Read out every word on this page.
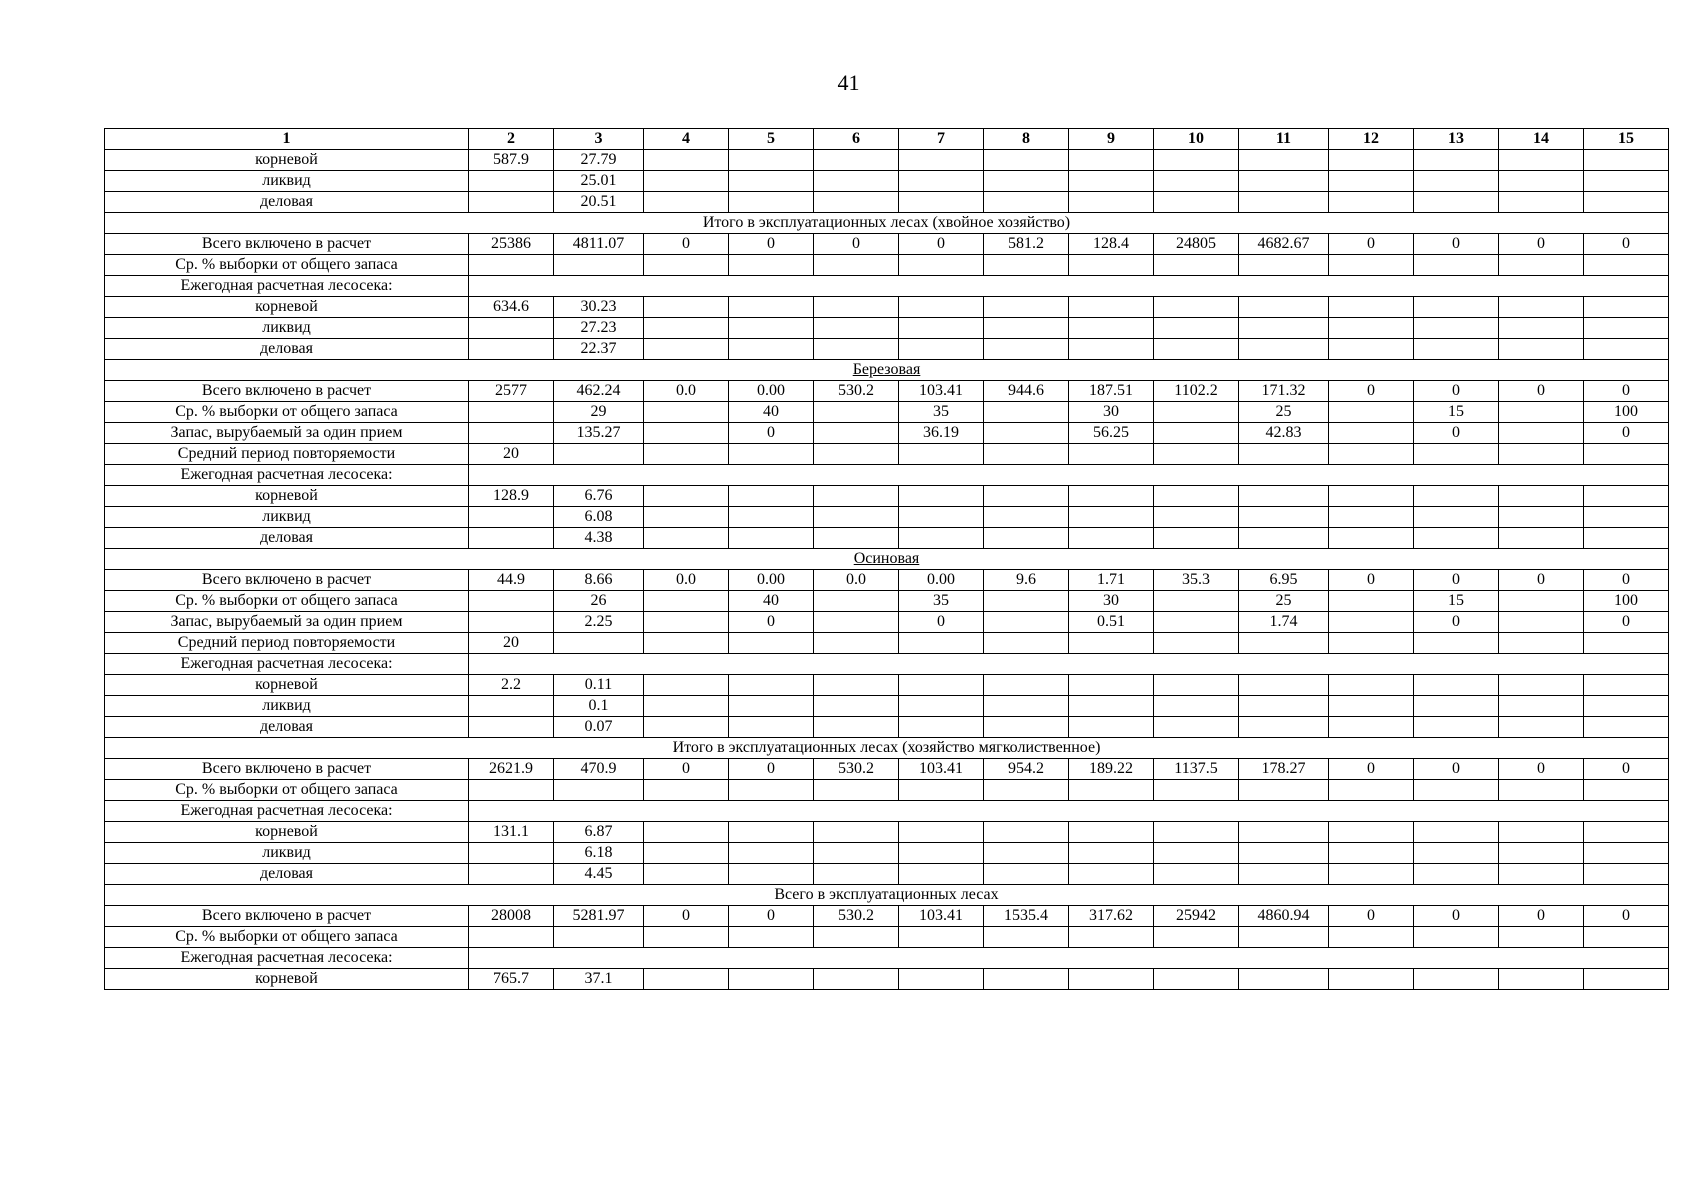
41
1	2	3	4	5	6	7	8	9	10	11	12	13	14	15
корневой	587.9	27.79												
ликвид		25.01												
деловая		20.51												
Итого в эксплуатационных лесах (хвойное хозяйство)														
Всего включено в расчет	25386	4811.07	0	0	0	0	581.2	128.4	24805	4682.67	0	0	0	0
Ср. % выборки от общего запаса														
Ежегодная расчетная лесосека:														
корневой	634.6	30.23												
ликвид		27.23												
деловая		22.37												
Березовая														
Всего включено в расчет	2577	462.24	0.0	0.00	530.2	103.41	944.6	187.51	1102.2	171.32	0	0	0	0
Ср. % выборки от общего запаса		29		40		35		30		25		15		100
Запас, вырубаемый за один прием		135.27		0		36.19		56.25		42.83		0		0
Средний период повторяемости	20													
Ежегодная расчетная лесосека:														
корневой	128.9	6.76												
ликвид		6.08												
деловая		4.38												
Осиновая														
Всего включено в расчет	44.9	8.66	0.0	0.00	0.0	0.00	9.6	1.71	35.3	6.95	0	0	0	0
Ср. % выборки от общего запаса		26		40		35		30		25		15		100
Запас, вырубаемый за один прием		2.25		0		0		0.51		1.74		0		0
Средний период повторяемости	20													
Ежегодная расчетная лесосека:														
корневой	2.2	0.11												
ликвид		0.1												
деловая		0.07												
Итого в эксплуатационных лесах (хозяйство мягколиственное)														
Всего включено в расчет	2621.9	470.9	0	0	530.2	103.41	954.2	189.22	1137.5	178.27	0	0	0	0
Ср. % выборки от общего запаса														
Ежегодная расчетная лесосека:														
корневой	131.1	6.87												
ликвид		6.18												
деловая		4.45												
Всего в эксплуатационных лесах														
Всего включено в расчет	28008	5281.97	0	0	530.2	103.41	1535.4	317.62	25942	4860.94	0	0	0	0
Ср. % выборки от общего запаса														
Ежегодная расчетная лесосека:														
корневой	765.7	37.1												
